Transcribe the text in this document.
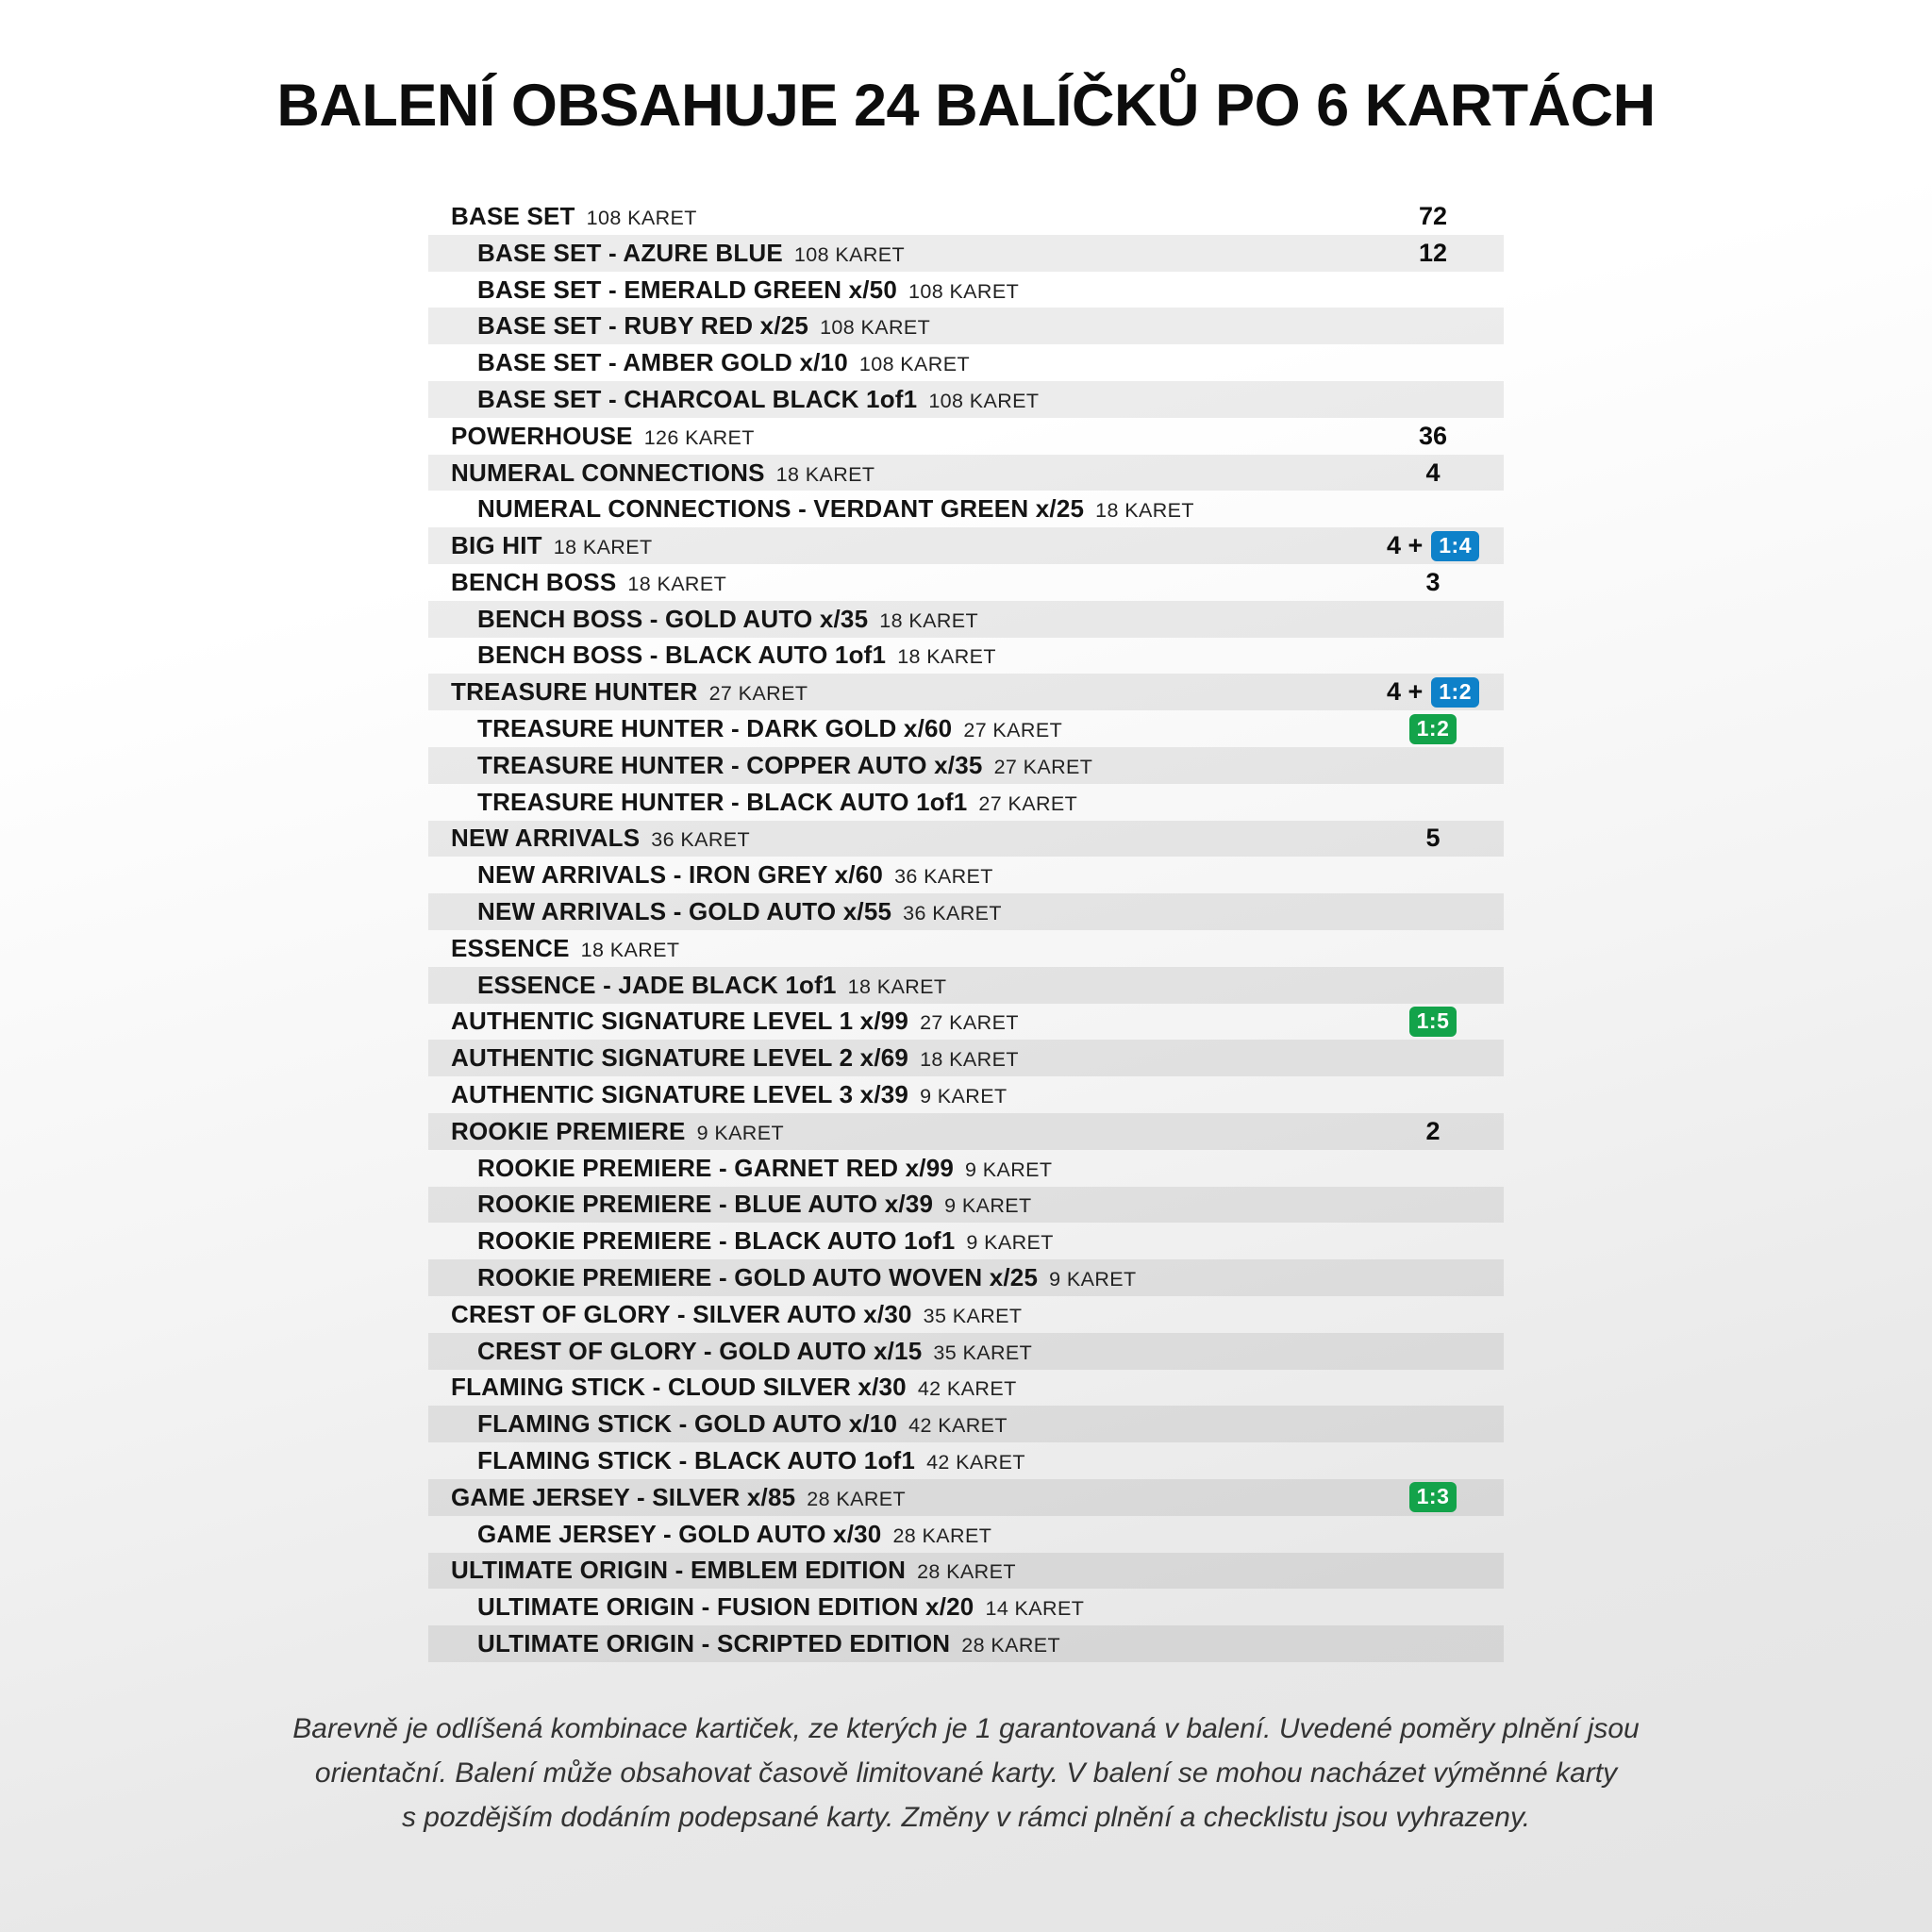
BALENÍ OBSAHUJE 24 BALÍČKŮ PO 6 KARTÁCH
BASE SET 108 KARET	72
BASE SET - AZURE BLUE 108 KARET	12
BASE SET - EMERALD GREEN x/50 108 KARET
BASE SET - RUBY RED x/25 108 KARET
BASE SET - AMBER GOLD x/10 108 KARET
BASE SET - CHARCOAL BLACK 1of1 108 KARET
POWERHOUSE 126 KARET	36
NUMERAL CONNECTIONS 18 KARET	4
NUMERAL CONNECTIONS - VERDANT GREEN x/25 18 KARET
BIG HIT 18 KARET	4 + 1:4
BENCH BOSS 18 KARET	3
BENCH BOSS - GOLD AUTO x/35 18 KARET
BENCH BOSS - BLACK AUTO 1of1 18 KARET
TREASURE HUNTER 27 KARET	4 + 1:2
TREASURE HUNTER - DARK GOLD x/60 27 KARET	1:2
TREASURE HUNTER - COPPER AUTO x/35 27 KARET
TREASURE HUNTER - BLACK AUTO 1of1 27 KARET
NEW ARRIVALS 36 KARET	5
NEW ARRIVALS - IRON GREY x/60 36 KARET
NEW ARRIVALS - GOLD AUTO x/55 36 KARET
ESSENCE 18 KARET
ESSENCE - JADE BLACK 1of1 18 KARET
AUTHENTIC SIGNATURE LEVEL 1 x/99 27 KARET	1:5
AUTHENTIC SIGNATURE LEVEL 2 x/69 18 KARET
AUTHENTIC SIGNATURE LEVEL 3 x/39 9 KARET
ROOKIE PREMIERE 9 KARET	2
ROOKIE PREMIERE - GARNET RED x/99 9 KARET
ROOKIE PREMIERE - BLUE AUTO x/39 9 KARET
ROOKIE PREMIERE - BLACK AUTO 1of1 9 KARET
ROOKIE PREMIERE - GOLD AUTO WOVEN x/25 9 KARET
CREST OF GLORY - SILVER AUTO x/30 35 KARET
CREST OF GLORY - GOLD AUTO x/15 35 KARET
FLAMING STICK - CLOUD SILVER x/30 42 KARET
FLAMING STICK - GOLD AUTO x/10 42 KARET
FLAMING STICK - BLACK AUTO 1of1 42 KARET
GAME JERSEY - SILVER x/85 28 KARET	1:3
GAME JERSEY - GOLD AUTO x/30 28 KARET
ULTIMATE ORIGIN - EMBLEM EDITION 28 KARET
ULTIMATE ORIGIN - FUSION EDITION x/20 14 KARET
ULTIMATE ORIGIN - SCRIPTED EDITION 28 KARET
Barevně je odlíšená kombinace kartiček, ze kterých je 1 garantovaná v balení. Uvedené poměry plnění jsou
orientační. Balení může obsahovat časově limitované karty. V balení se mohou nacházet výměnné karty
s pozdějším dodáním podepsané karty. Změny v rámci plnění a checklistu jsou vyhrazeny.
